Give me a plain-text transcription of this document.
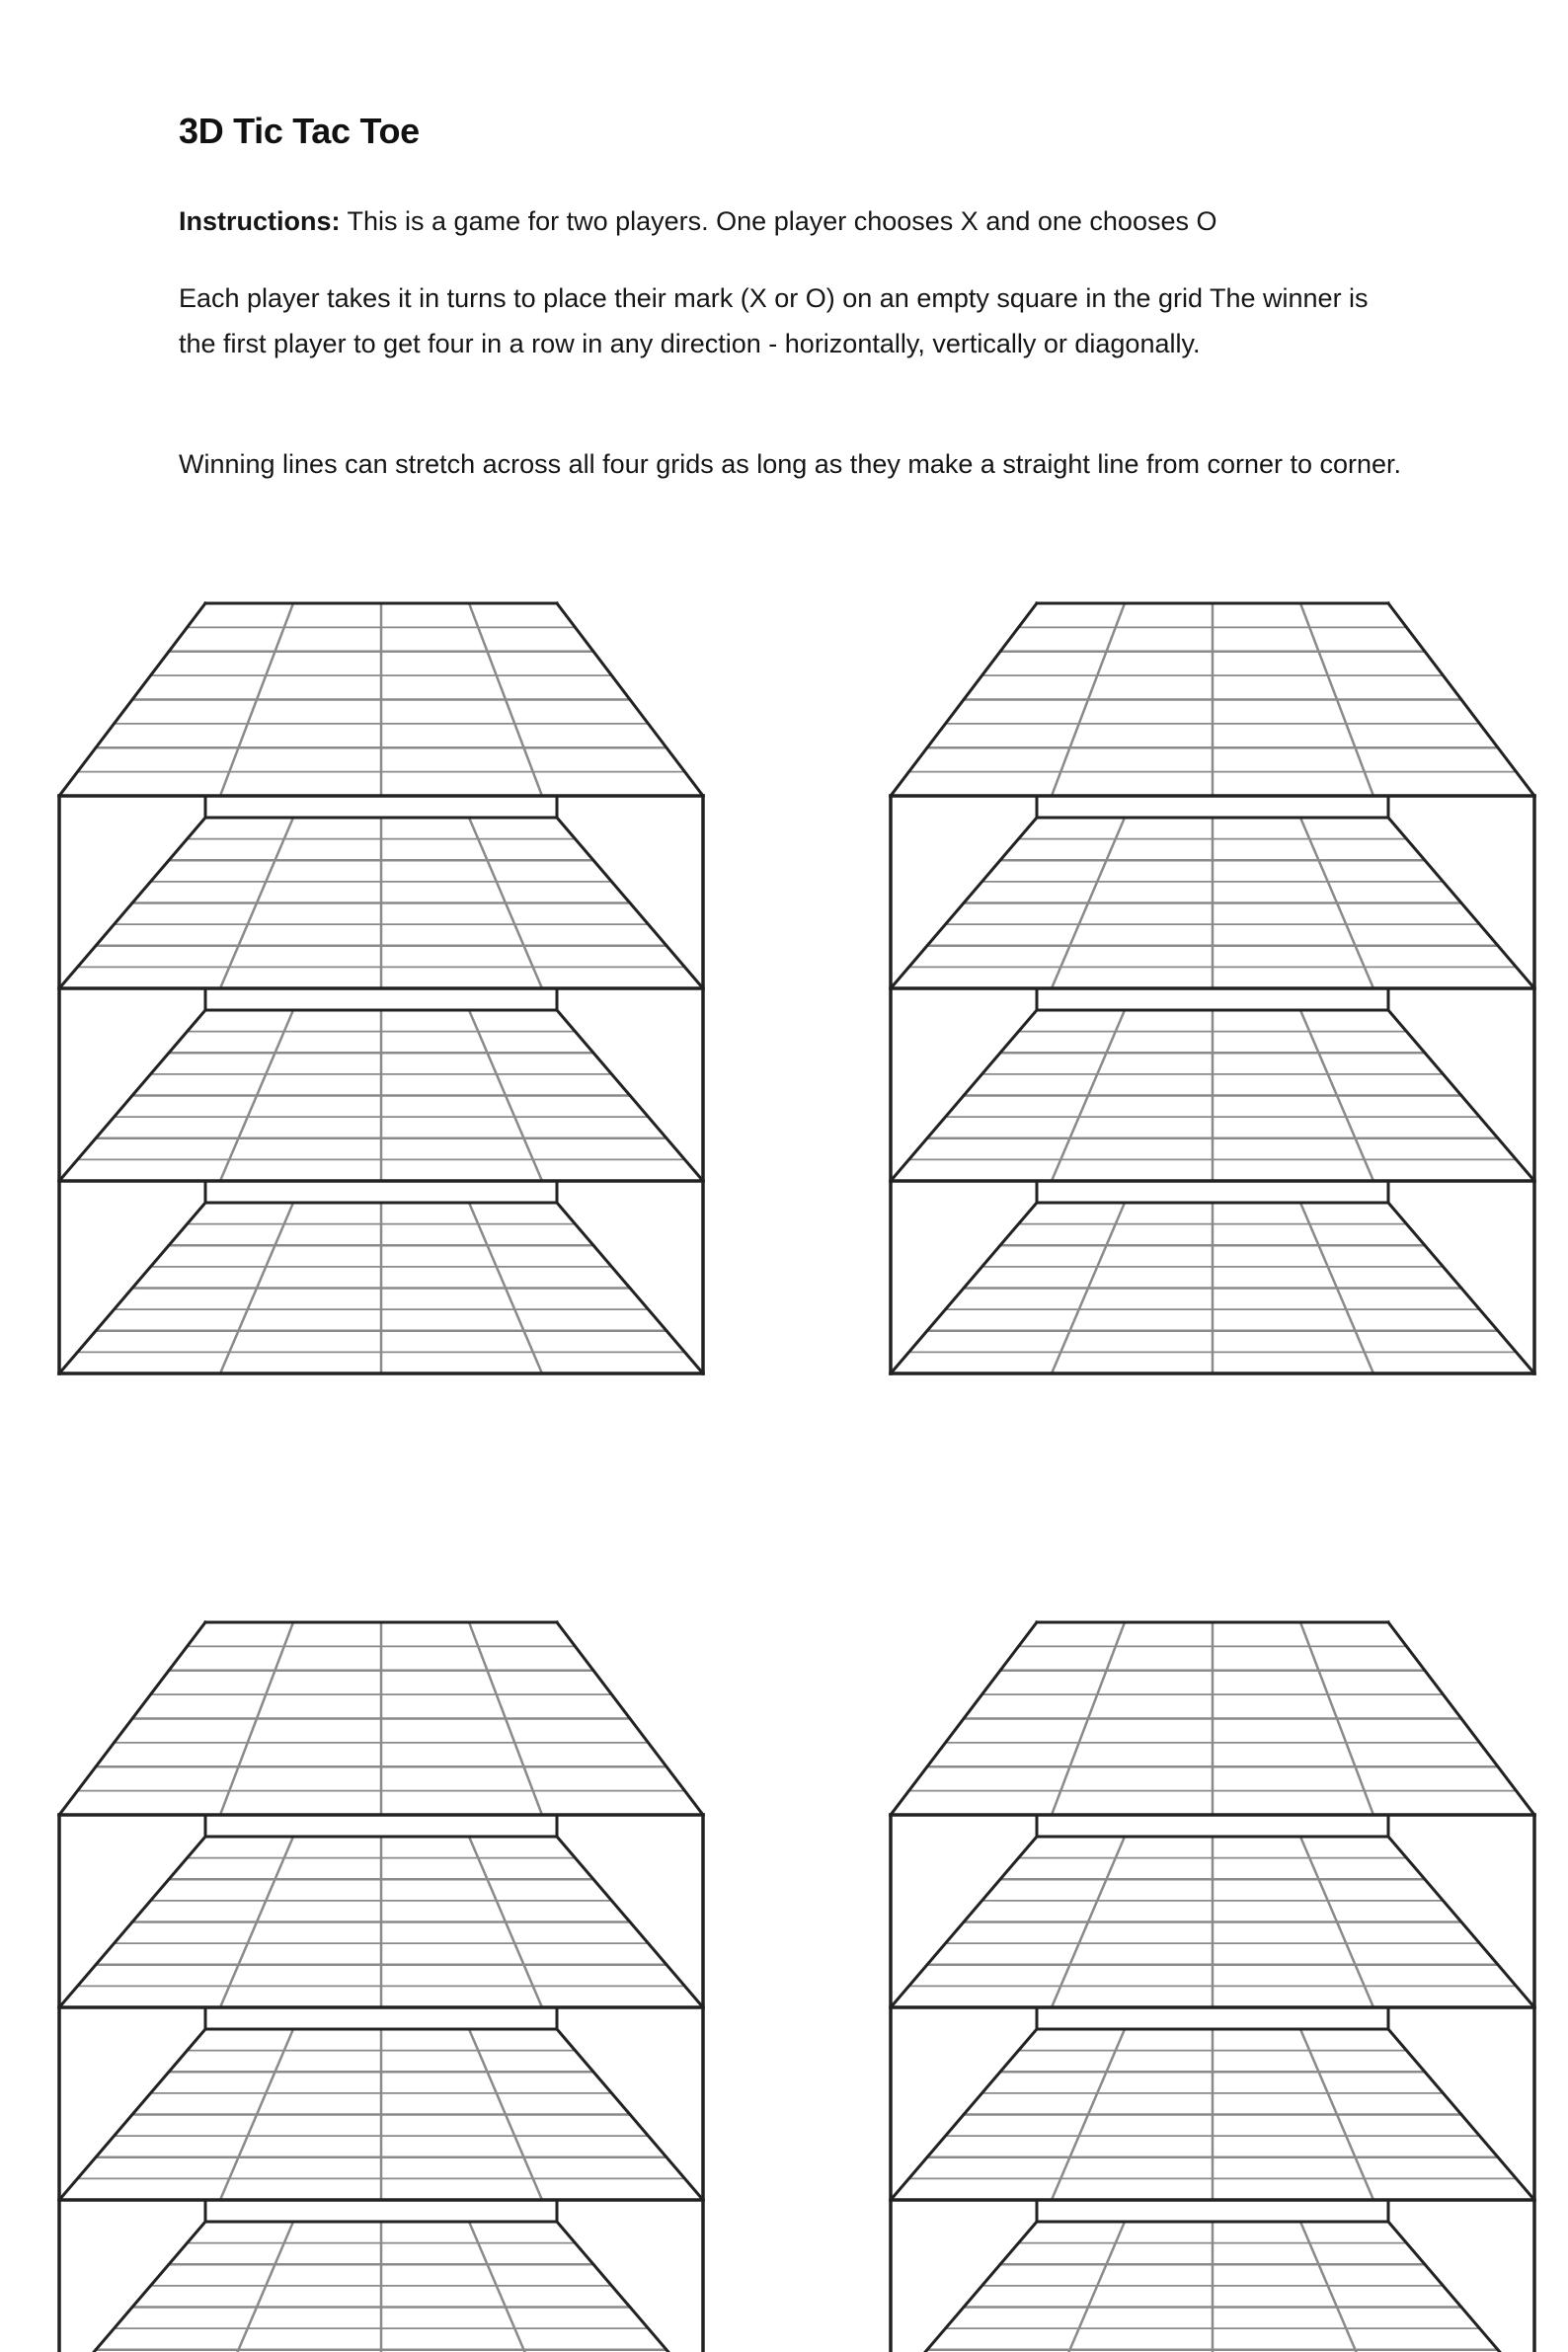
3D Tic Tac Toe

Instructions: This is a game for two players. One player chooses X and one chooses O

Each player takes it in turns to place their mark (X or O) on an empty square in the grid The winner is the first player to get four in a row in any direction - horizontally, vertically or diagonally.

Winning lines can stretch across all four grids as long as they make a straight line from corner to corner.
